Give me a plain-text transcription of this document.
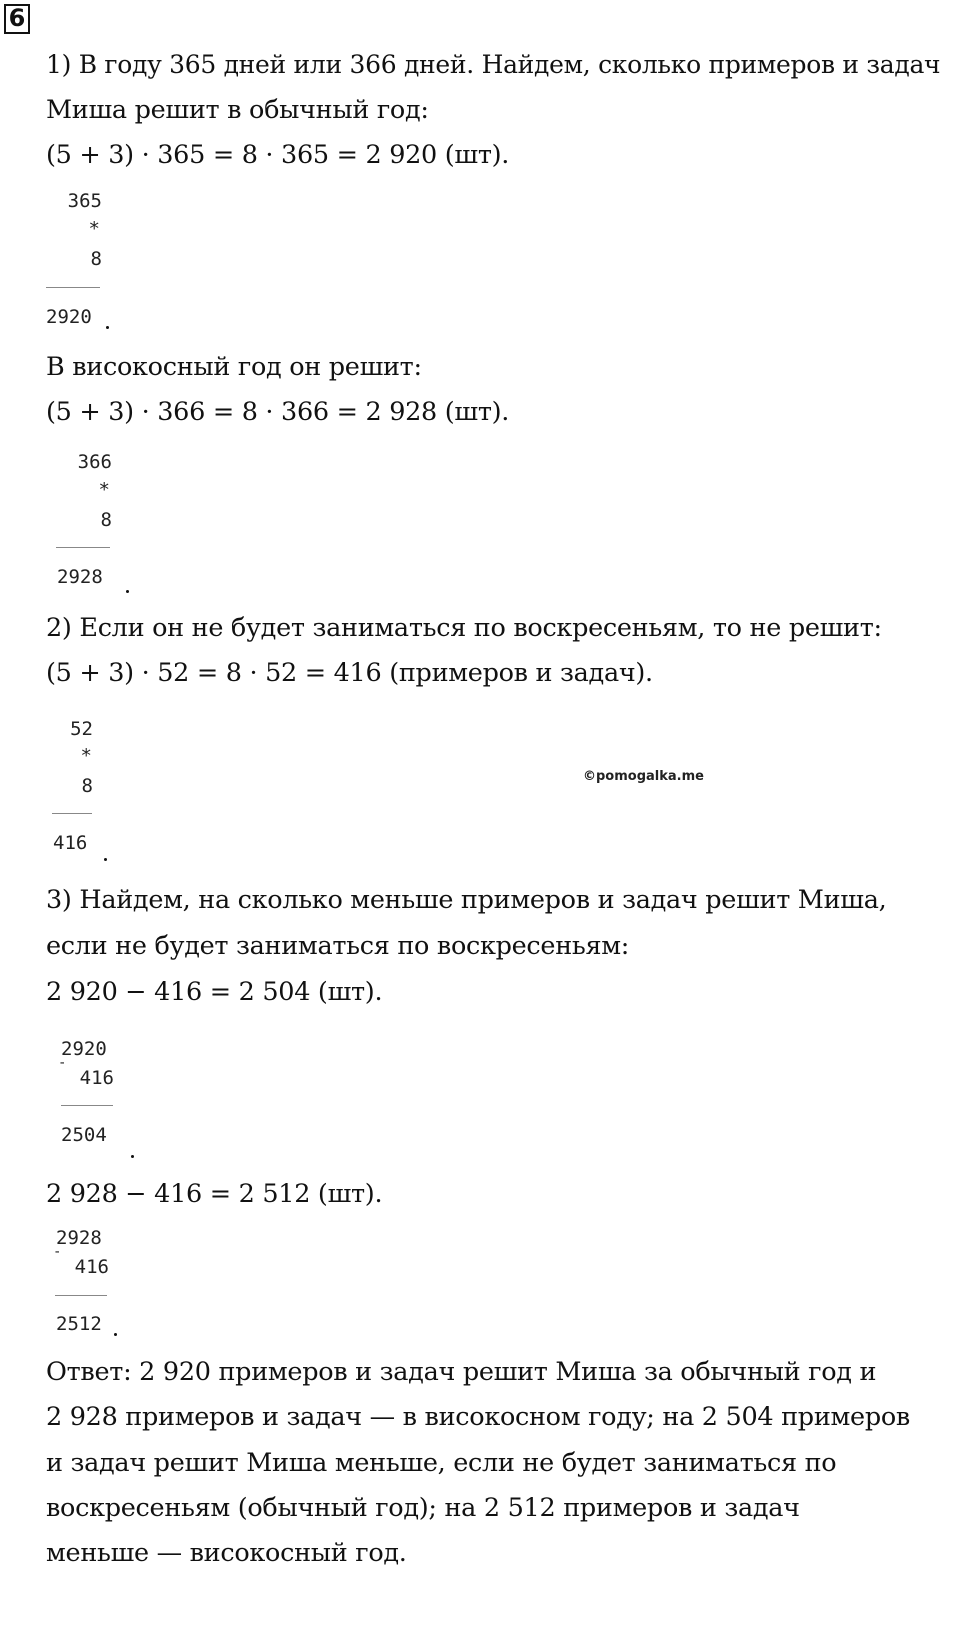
6
1) В году 365 дней или 366 дней. Найдем, сколько примеров и задач
Миша решит в обычный год:
(5 + 3) · 365 = 8 · 365 = 2 920 (шт).
365
*
8
2920
В високосный год он решит:
(5 + 3) · 366 = 8 · 366 = 2 928 (шт).
366
*
8
2928
2) Если он не будет заниматься по воскресеньям, то не решит:
(5 + 3) · 52 = 8 · 52 = 416 (примеров и задач).
52
*
8
416
©pomogalka.me
3) Найдем, на сколько меньше примеров и задач решит Миша,
если не будет заниматься по воскресеньям:
2 920 − 416 = 2 504 (шт).
2920
-
416
2504
2 928 − 416 = 2 512 (шт).
2928
-
416
2512
Ответ: 2 920 примеров и задач решит Миша за обычный год и
2 928 примеров и задач — в високосном году; на 2 504 примеров
и задач решит Миша меньше, если не будет заниматься по
воскресеньям (обычный год); на 2 512 примеров и задач
меньше — високосный год.
